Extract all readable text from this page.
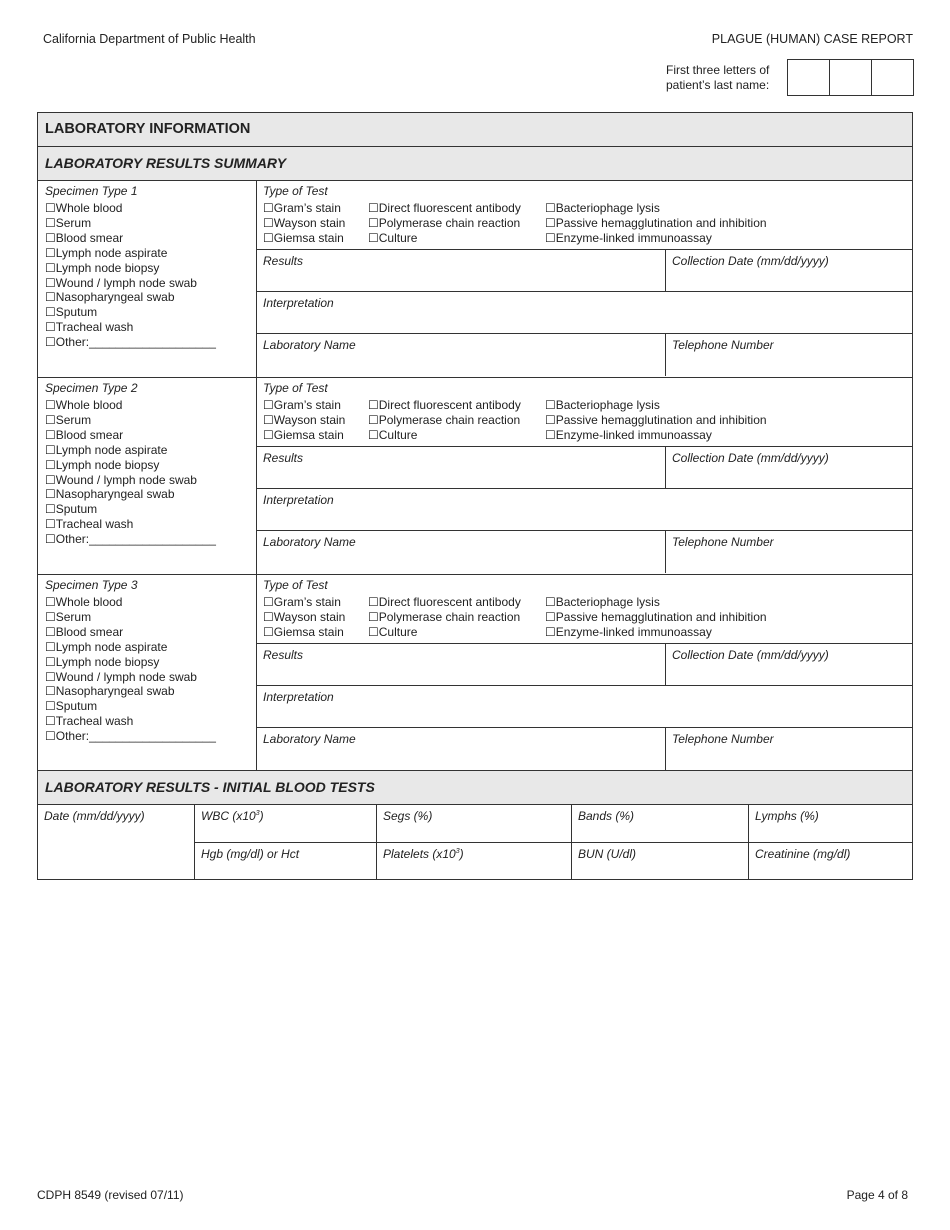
California Department of Public Health	PLAGUE (HUMAN) CASE REPORT
First three letters of
patient’s last name:
LABORATORY INFORMATION
LABORATORY RESULTS SUMMARY
Specimen Type 1
☐Whole blood
☐Serum
☐Blood smear
☐Lymph node aspirate
☐Lymph node biopsy
☐Wound / lymph node swab
☐Nasopharyngeal swab
☐Sputum
☐Tracheal wash
☐Other:___________________
Type of Test
☐Gram’s stain
☐Wayson stain
☐Giemsa stain
☐Direct fluorescent antibody
☐Polymerase chain reaction
☐Culture
☐Bacteriophage lysis
☐Passive hemagglutination and inhibition
☐Enzyme-linked immunoassay
Results	Collection Date (mm/dd/yyyy)
Interpretation
Laboratory Name	Telephone Number
Specimen Type 2
☐Whole blood
☐Serum
☐Blood smear
☐Lymph node aspirate
☐Lymph node biopsy
☐Wound / lymph node swab
☐Nasopharyngeal swab
☐Sputum
☐Tracheal wash
☐Other:___________________
Type of Test
☐Gram’s stain
☐Wayson stain
☐Giemsa stain
☐Direct fluorescent antibody
☐Polymerase chain reaction
☐Culture
☐Bacteriophage lysis
☐Passive hemagglutination and inhibition
☐Enzyme-linked immunoassay
Results	Collection Date (mm/dd/yyyy)
Interpretation
Laboratory Name	Telephone Number
Specimen Type 3
☐Whole blood
☐Serum
☐Blood smear
☐Lymph node aspirate
☐Lymph node biopsy
☐Wound / lymph node swab
☐Nasopharyngeal swab
☐Sputum
☐Tracheal wash
☐Other:___________________
Type of Test
☐Gram’s stain
☐Wayson stain
☐Giemsa stain
☐Direct fluorescent antibody
☐Polymerase chain reaction
☐Culture
☐Bacteriophage lysis
☐Passive hemagglutination and inhibition
☐Enzyme-linked immunoassay
Results	Collection Date (mm/dd/yyyy)
Interpretation
Laboratory Name	Telephone Number
LABORATORY RESULTS - INITIAL BLOOD TESTS
Date (mm/dd/yyyy)	WBC $(x10^3)$	Segs (%)	Bands (%)	Lymphs (%)
Hgb (mg/dl) or Hct	Platelets $(x10^3)$	BUN (U/dl)	Creatinine (mg/dl)
CDPH 8549 (revised 07/11)	Page 4 of 8
